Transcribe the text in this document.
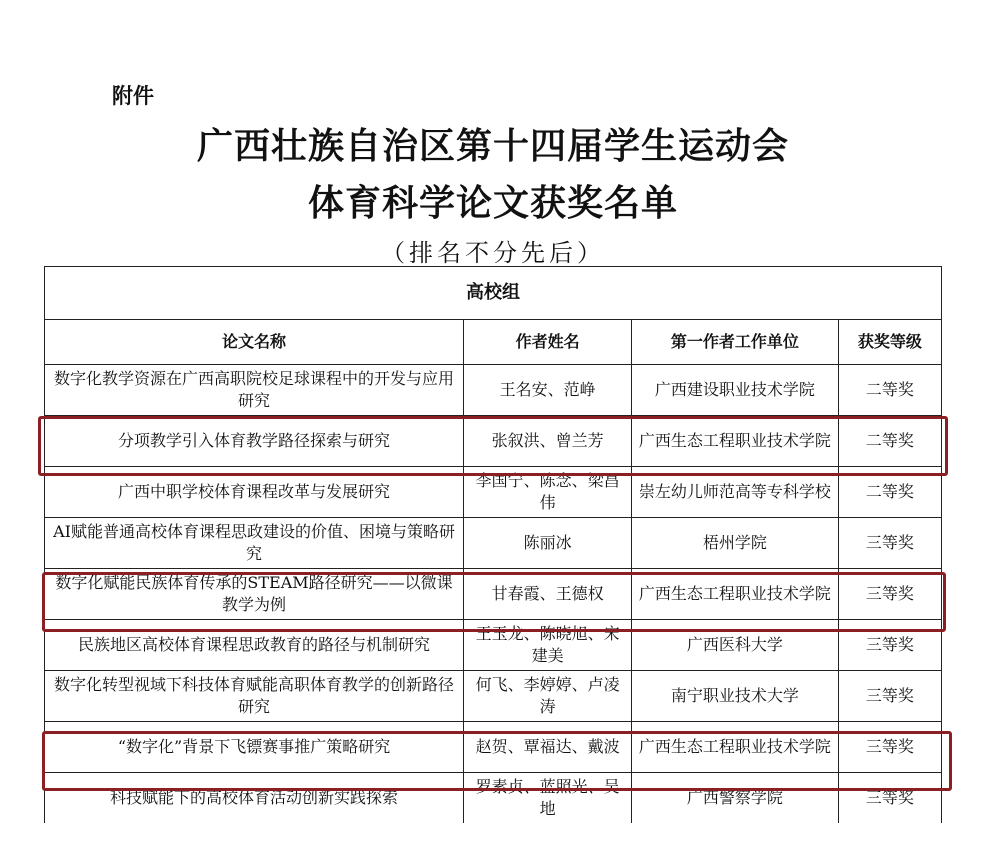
附件
广西壮族自治区第十四届学生运动会
体育科学论文获奖名单
（排名不分先后）
高校组			
论文名称	作者姓名	第一作者工作单位	获奖等级
数字化教学资源在广西高职院校足球课程中的开发与应用研究	王名安、范峥	广西建设职业技术学院	二等奖
分项教学引入体育教学路径探索与研究	张叙洪、曾兰芳	广西生态工程职业技术学院	二等奖
广西中职学校体育课程改革与发展研究	李国宁、陈念、梁昌伟	崇左幼儿师范高等专科学校	二等奖
AI赋能普通高校体育课程思政建设的价值、困境与策略研究	陈丽冰	梧州学院	三等奖
数字化赋能民族体育传承的STEAM路径研究——以微课教学为例	甘春霞、王德权	广西生态工程职业技术学院	三等奖
民族地区高校体育课程思政教育的路径与机制研究	王玉龙、陈晓旭、宋建美	广西医科大学	三等奖
数字化转型视域下科技体育赋能高职体育教学的创新路径研究	何飞、李婷婷、卢凌涛	南宁职业技术大学	三等奖
“数字化”背景下飞镖赛事推广策略研究	赵贺、覃福达、戴波	广西生态工程职业技术学院	三等奖
科技赋能下的高校体育活动创新实践探索	罗素贞、蓝照光、吴地	广西警察学院	三等奖
